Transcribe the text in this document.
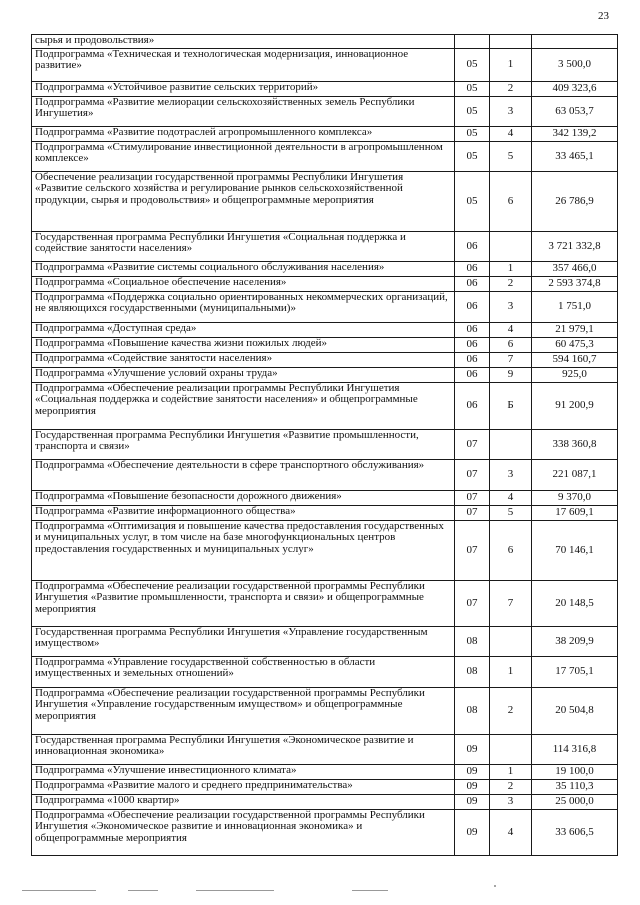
23
сырья и продовольствия»			
Подпрограмма «Техническая и технологическая модернизация, инновационное развитие»	05	1	3 500,0
Подпрограмма «Устойчивое развитие сельских территорий»	05	2	409 323,6
Подпрограмма «Развитие мелиорации сельскохозяйственных земель Республики Ингушетия»	05	3	63 053,7
Подпрограмма «Развитие подотраслей агропромышленного комплекса»	05	4	342 139,2
Подпрограмма «Стимулирование инвестиционной деятельности в агропромышленном комплексе»	05	5	33 465,1
Обеспечение реализации государственной программы Республики Ингушетия «Развитие сельского хозяйства и регулирование рынков сельскохозяйственной продукции, сырья и продовольствия» и общепрограммные мероприятия	05	6	26 786,9
Государственная программа Республики Ингушетия «Социальная поддержка и содействие занятости населения»	06		3 721 332,8
Подпрограмма «Развитие системы социального обслуживания населения»	06	1	357 466,0
Подпрограмма «Социальное обеспечение населения»	06	2	2 593 374,8
Подпрограмма «Поддержка социально ориентированных некоммерческих организаций, не являющихся государственными (муниципальными)»	06	3	1 751,0
Подпрограмма «Доступная среда»	06	4	21 979,1
Подпрограмма «Повышение качества жизни пожилых людей»	06	6	60 475,3
Подпрограмма «Содействие занятости населения»	06	7	594 160,7
Подпрограмма «Улучшение условий охраны труда»	06	9	925,0
Подпрограмма «Обеспечение реализации программы Республики Ингушетия «Социальная поддержка и содействие занятости населения» и общепрограммные мероприятия	06	Б	91 200,9
Государственная программа Республики Ингушетия «Развитие промышленности, транспорта и связи»	07		338 360,8
Подпрограмма «Обеспечение деятельности в сфере транспортного обслуживания»	07	3	221 087,1
Подпрограмма «Повышение безопасности дорожного движения»	07	4	9 370,0
Подпрограмма «Развитие информационного общества»	07	5	17 609,1
Подпрограмма «Оптимизация и повышение качества предоставления государственных и муниципальных услуг, в том числе на базе многофункциональных центров предоставления государственных и муниципальных услуг»	07	6	70 146,1
Подпрограмма «Обеспечение реализации государственной программы Республики Ингушетия «Развитие промышленности, транспорта и связи» и общепрограммные мероприятия	07	7	20 148,5
Государственная программа Республики Ингушетия «Управление государственным имуществом»	08		38 209,9
Подпрограмма «Управление государственной собственностью в области имущественных и земельных отношений»	08	1	17 705,1
Подпрограмма «Обеспечение реализации государственной программы Республики Ингушетия «Управление государственным имуществом» и общепрограммные мероприятия	08	2	20 504,8
Государственная программа Республики Ингушетия «Экономическое развитие и инновационная экономика»	09		114 316,8
Подпрограмма «Улучшение инвестиционного климата»	09	1	19 100,0
Подпрограмма «Развитие малого и среднего предпринимательства»	09	2	35 110,3
Подпрограмма «1000 квартир»	09	3	25 000,0
Подпрограмма «Обеспечение реализации государственной программы Республики Ингушетия «Экономическое развитие и инновационная экономика» и общепрограммные мероприятия	09	4	33 606,5
